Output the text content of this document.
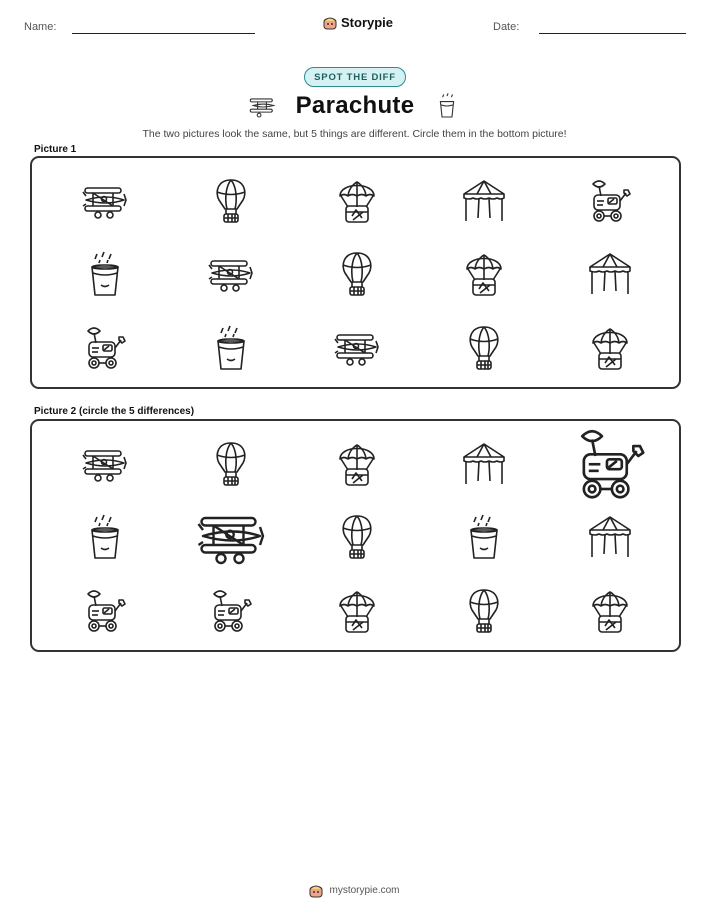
Name:	Storypie	Date:
SPOT THE DIFF
Parachute
The two pictures look the same, but 5 things are different. Circle them in the bottom picture!
Picture 1
Picture 2 (circle the 5 differences)
mystorypie.com
